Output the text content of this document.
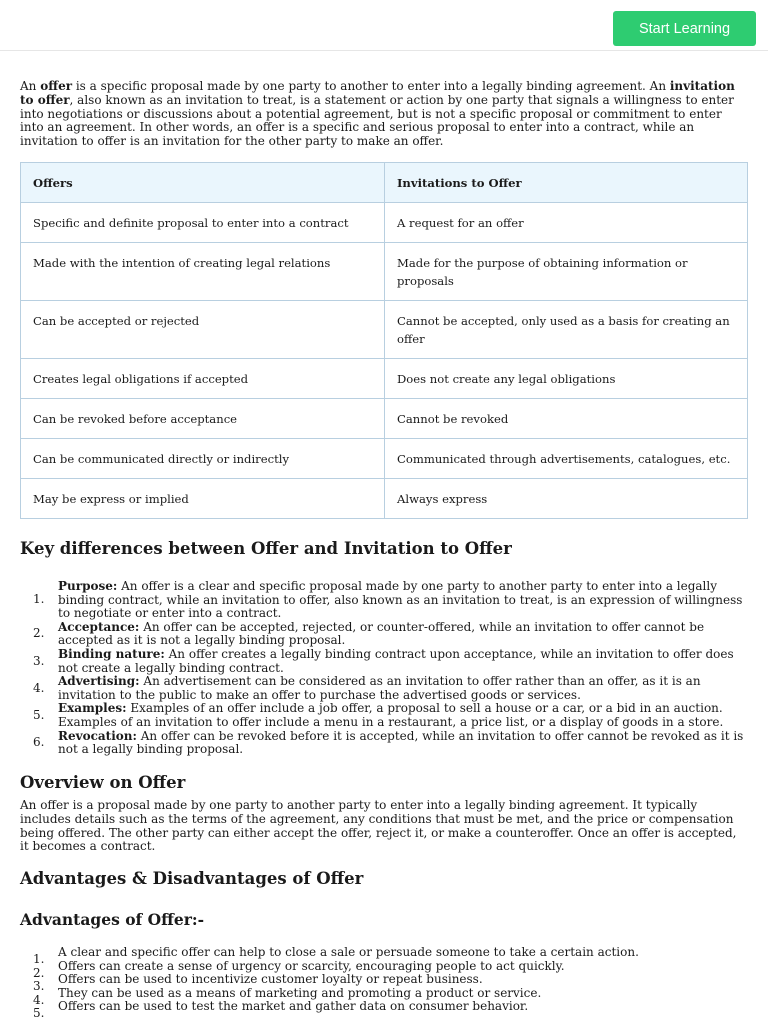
Start Learning

An offer is a specific proposal made by one party to another to enter into a legally binding agreement. An invitation to offer, also known as an invitation to treat, is a statement or action by one party that signals a willingness to enter into negotiations or discussions about a potential agreement, but is not a specific proposal or commitment to enter into an agreement. In other words, an offer is a specific and serious proposal to enter into a contract, while an invitation to offer is an invitation for the other party to make an offer.

Offers	Invitations to Offer
Specific and definite proposal to enter into a contract	A request for an offer
Made with the intention of creating legal relations	Made for the purpose of obtaining information or proposals
Can be accepted or rejected	Cannot be accepted, only used as a basis for creating an offer
Creates legal obligations if accepted	Does not create any legal obligations
Can be revoked before acceptance	Cannot be revoked
Can be communicated directly or indirectly	Communicated through advertisements, catalogues, etc.
May be express or implied	Always express
Key differences between Offer and Invitation to Offer
1.
Purpose: An offer is a clear and specific proposal made by one party to another party to enter into a legally binding contract, while an invitation to offer, also known as an invitation to treat, is an expression of willingness to negotiate or enter into a contract.
2. Acceptance: An offer can be accepted, rejected, or counter-offered, while an invitation to offer cannot be accepted as it is not a legally binding proposal.
3. Binding nature: An offer creates a legally binding contract upon acceptance, while an invitation to offer does not create a legally binding contract.
4. Advertising: An advertisement can be considered as an invitation to offer rather than an offer, as it is an invitation to the public to make an offer to purchase the advertised goods or services.
5. Examples: Examples of an offer include a job offer, a proposal to sell a house or a car, or a bid in an auction. Examples of an invitation to offer include a menu in a restaurant, a price list, or a display of goods in a store.
6. Revocation: An offer can be revoked before it is accepted, while an invitation to offer cannot be revoked as it is not a legally binding proposal.
Overview on Offer

An offer is a proposal made by one party to another party to enter into a legally binding agreement. It typically includes details such as the terms of the agreement, any conditions that must be met, and the price or compensation being offered. The other party can either accept the offer, reject it, or make a counteroffer. Once an offer is accepted, it becomes a contract.

Advantages & Disadvantages of Offer
Advantages of Offer:-
1. A clear and specific offer can help to close a sale or persuade someone to take a certain action.
2. Offers can create a sense of urgency or scarcity, encouraging people to act quickly.
3. Offers can be used to incentivize customer loyalty or repeat business.
4. They can be used as a means of marketing and promoting a product or service.
5. Offers can be used to test the market and gather data on consumer behavior.
